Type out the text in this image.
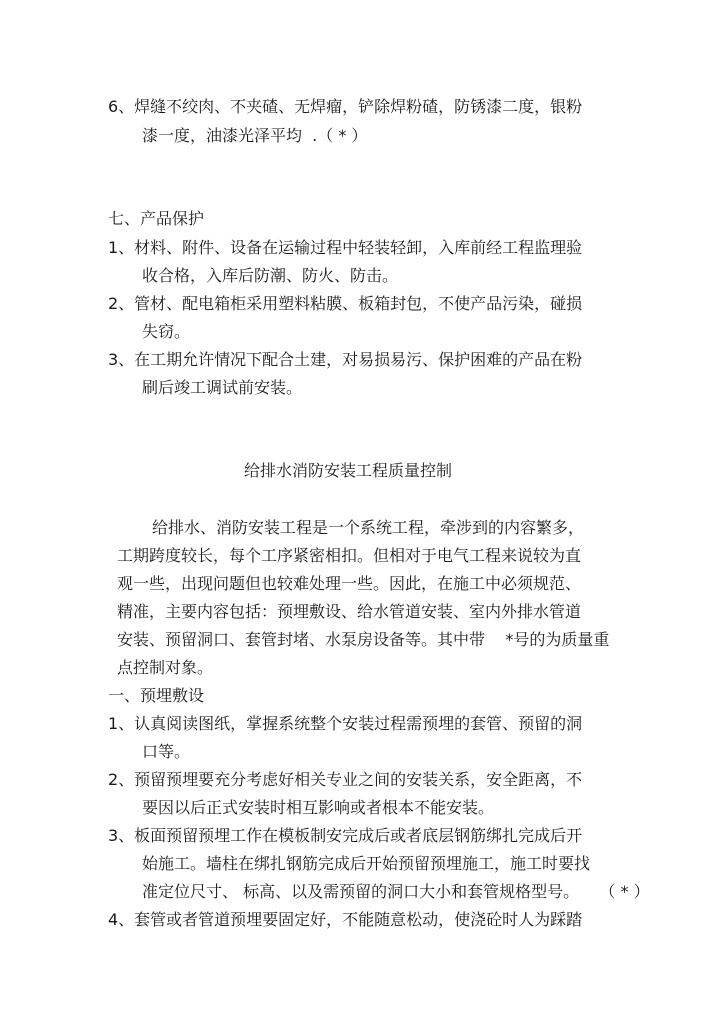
6、焊缝不绞肉、不夹碴、无焊瘤，铲除焊粉碴，防锈漆二度，银粉

漆一度，油漆光泽平均  .（ * ）

七、产品保护

1、材料、附件、设备在运输过程中轻装轻卸，入库前经工程监理验

收合格，入库后防潮、防火、防击。

2、管材、配电箱柜采用塑料粘膜、板箱封包，不使产品污染，碰损

失窃。

3、在工期允许情况下配合土建，对易损易污、保护困难的产品在粉

刷后竣工调试前安装。

给排水消防安装工程质量控制

给排水、消防安装工程是一个系统工程，牵涉到的内容繁多，

工期跨度较长，每个工序紧密相扣。但相对于电气工程来说较为直

观一些，出现问题但也较难处理一些。因此，在施工中必须规范、

精准，主要内容包括：预埋敷设、给水管道安装、室内外排水管道

安装、预留洞口、套管封堵、水泵房设备等。其中带    *号的为质量重

点控制对象。

一、预埋敷设

1、认真阅读图纸，掌握系统整个安装过程需预埋的套管、预留的洞

口等。

2、预留预埋要充分考虑好相关专业之间的安装关系，安全距离，不

要因以后正式安装时相互影响或者根本不能安装。

3、板面预留预埋工作在模板制安完成后或者底层钢筋绑扎完成后开

始施工。墙柱在绑扎钢筋完成后开始预留预埋施工，施工时要找

准定位尺寸、 标高、以及需预留的洞口大小和套管规格型号。    （ * ）

4、套管或者管道预埋要固定好，不能随意松动，使浇砼时人为踩踏
